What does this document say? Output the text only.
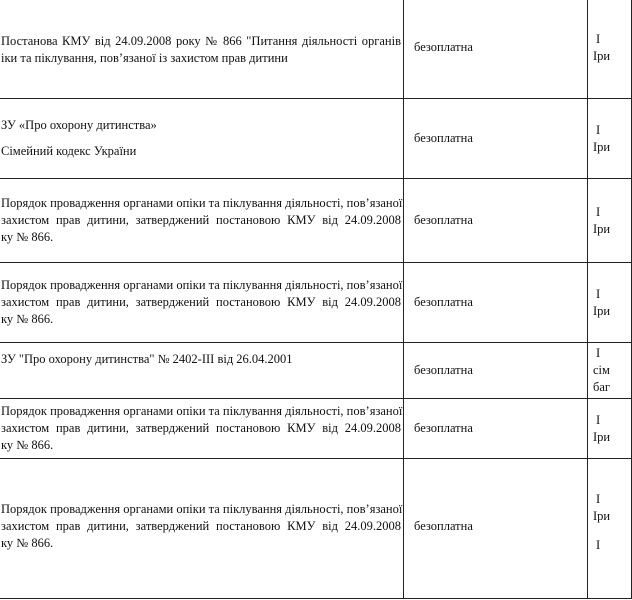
Постанова КМУ від 24.09.2008 року № 866 "Питання діяльності органів
іки та піклування, пов’язаної із захистом прав дитини	безоплатна	І
Іри

ЗУ «Про охорону дитинства»
Сімейний кодекс України	безоплатна	І
Іри

Порядок провадження органами опіки та піклування діяльності, пов’язаної
захистом прав дитини, затверджений постановою КМУ від 24.09.2008
ку № 866.	безоплатна	І
Іри

Порядок провадження органами опіки та піклування діяльності, пов’язаної
захистом прав дитини, затверджений постановою КМУ від 24.09.2008
ку № 866.	безоплатна	І
Іри

ЗУ "Про охорону дитинства" № 2402-ІІІ від 26.04.2001	безоплатна	І
сім
баг

Порядок провадження органами опіки та піклування діяльності, пов’язаної
захистом прав дитини, затверджений постановою КМУ від 24.09.2008
ку № 866.	безоплатна	І
Іри

Порядок провадження органами опіки та піклування діяльності, пов’язаної
захистом прав дитини, затверджений постановою КМУ від 24.09.2008
ку № 866.	безоплатна	І
Іри
І
